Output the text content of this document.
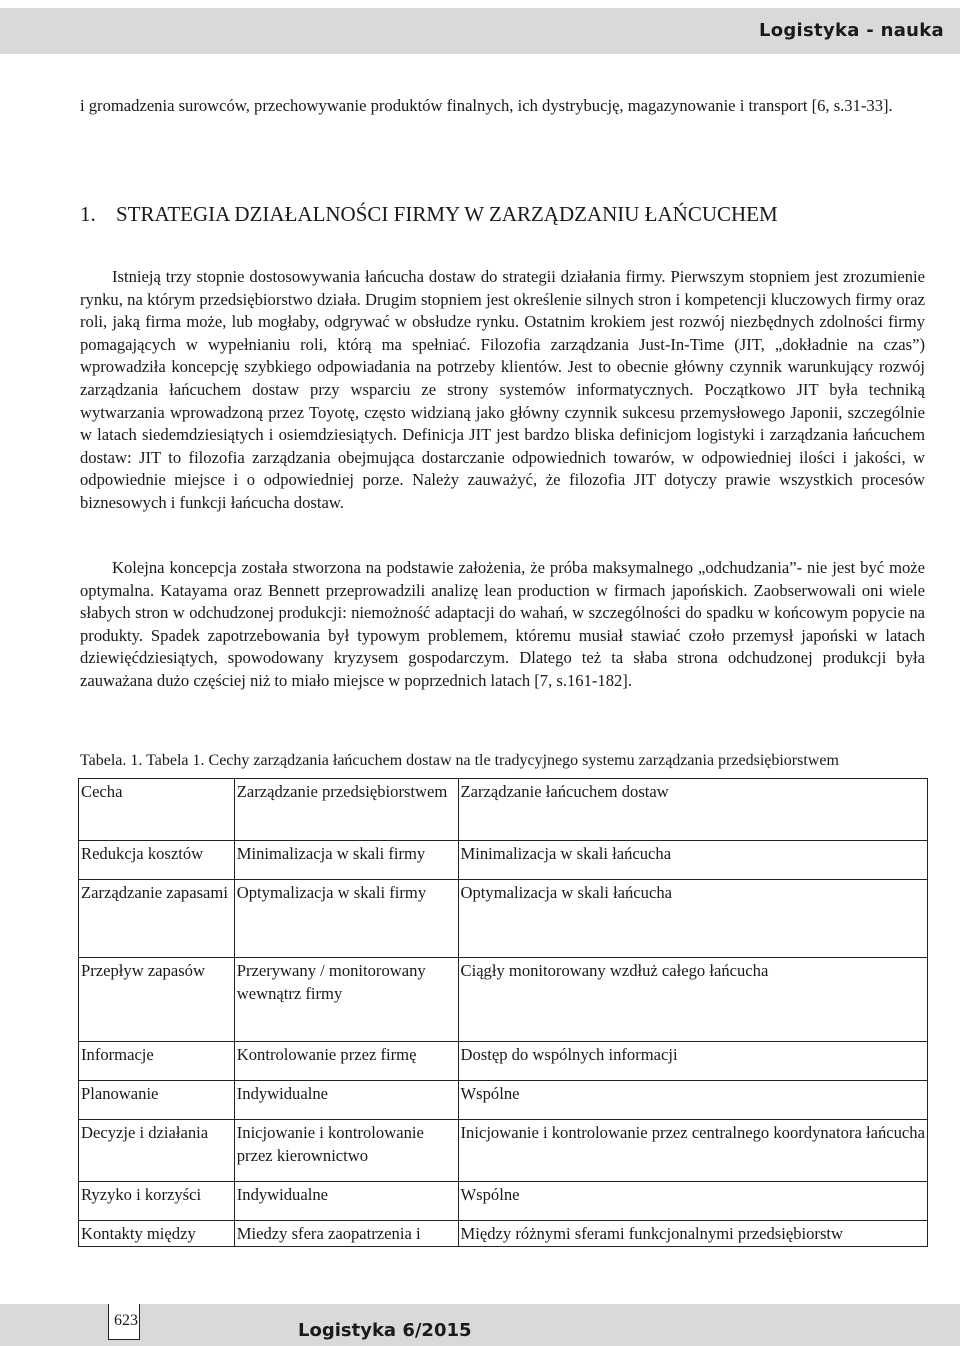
Logistyka - nauka
i gromadzenia surowców, przechowywanie produktów finalnych, ich dystrybucję, magazynowanie i transport [6, s.31-33].
1. STRATEGIA DZIAŁALNOŚCI FIRMY W ZARZĄDZANIU ŁAŃCUCHEM
Istnieją trzy stopnie dostosowywania łańcucha dostaw do strategii działania firmy. Pierwszym stopniem jest zrozumienie rynku, na którym przedsiębiorstwo działa. Drugim stopniem jest określenie silnych stron i kompetencji kluczowych firmy oraz roli, jaką firma może, lub mogłaby, odgrywać w obsłudze rynku. Ostatnim krokiem jest rozwój niezbędnych zdolności firmy pomagających w wypełnianiu roli, którą ma spełniać. Filozofia zarządzania Just-In-Time (JIT, „dokładnie na czas”) wprowadziła koncepcję szybkiego odpowiadania na potrzeby klientów. Jest to obecnie główny czynnik warunkujący rozwój zarządzania łańcuchem dostaw przy wsparciu ze strony systemów informatycznych. Początkowo JIT była techniką wytwarzania wprowadzoną przez Toyotę, często widzianą jako główny czynnik sukcesu przemysłowego Japonii, szczególnie w latach siedemdziesiątych i osiemdziesiątych. Definicja JIT jest bardzo bliska definicjom logistyki i zarządzania łańcuchem dostaw: JIT to filozofia zarządzania obejmująca dostarczanie odpowiednich towarów, w odpowiedniej ilości i jakości, w odpowiednie miejsce i o odpowiedniej porze. Należy zauważyć, że filozofia JIT dotyczy prawie wszystkich procesów biznesowych i funkcji łańcucha dostaw.
Kolejna koncepcja została stworzona na podstawie założenia, że próba maksymalnego „odchudzania”- nie jest być może optymalna. Katayama oraz Bennett przeprowadzili analizę lean production w firmach japońskich. Zaobserwowali oni wiele słabych stron w odchudzonej produkcji: niemożność adaptacji do wahań, w szczególności do spadku w końcowym popycie na produkty. Spadek zapotrzebowania był typowym problemem, któremu musiał stawiać czoło przemysł japoński w latach dziewięćdziesiątych, spowodowany kryzysem gospodarczym. Dlatego też ta słaba strona odchudzonej produkcji była zauważana dużo częściej niż to miało miejsce w poprzednich latach [7, s.161-182].
Tabela. 1. Tabela 1. Cechy zarządzania łańcuchem dostaw na tle tradycyjnego systemu zarządzania przedsiębiorstwem
Cecha	Zarządzanie przedsiębiorstwem	Zarządzanie łańcuchem dostaw
Redukcja kosztów	Minimalizacja w skali firmy	Minimalizacja w skali łańcucha
Zarządzanie zapasami	Optymalizacja w skali firmy	Optymalizacja w skali łańcucha
Przepływ zapasów	Przerywany / monitorowany wewnątrz firmy	Ciągły monitorowany wzdłuż całego łańcucha
Informacje	Kontrolowanie przez firmę	Dostęp do wspólnych informacji
Planowanie	Indywidualne	Wspólne
Decyzje i działania	Inicjowanie i kontrolowanie przez kierownictwo	Inicjowanie i kontrolowanie przez centralnego koordynatora łańcucha
Ryzyko i korzyści	Indywidualne	Wspólne
Kontakty między	Miedzy sfera zaopatrzenia i	Między różnymi sferami funkcjonalnymi przedsiębiorstw
623	Logistyka 6/2015
